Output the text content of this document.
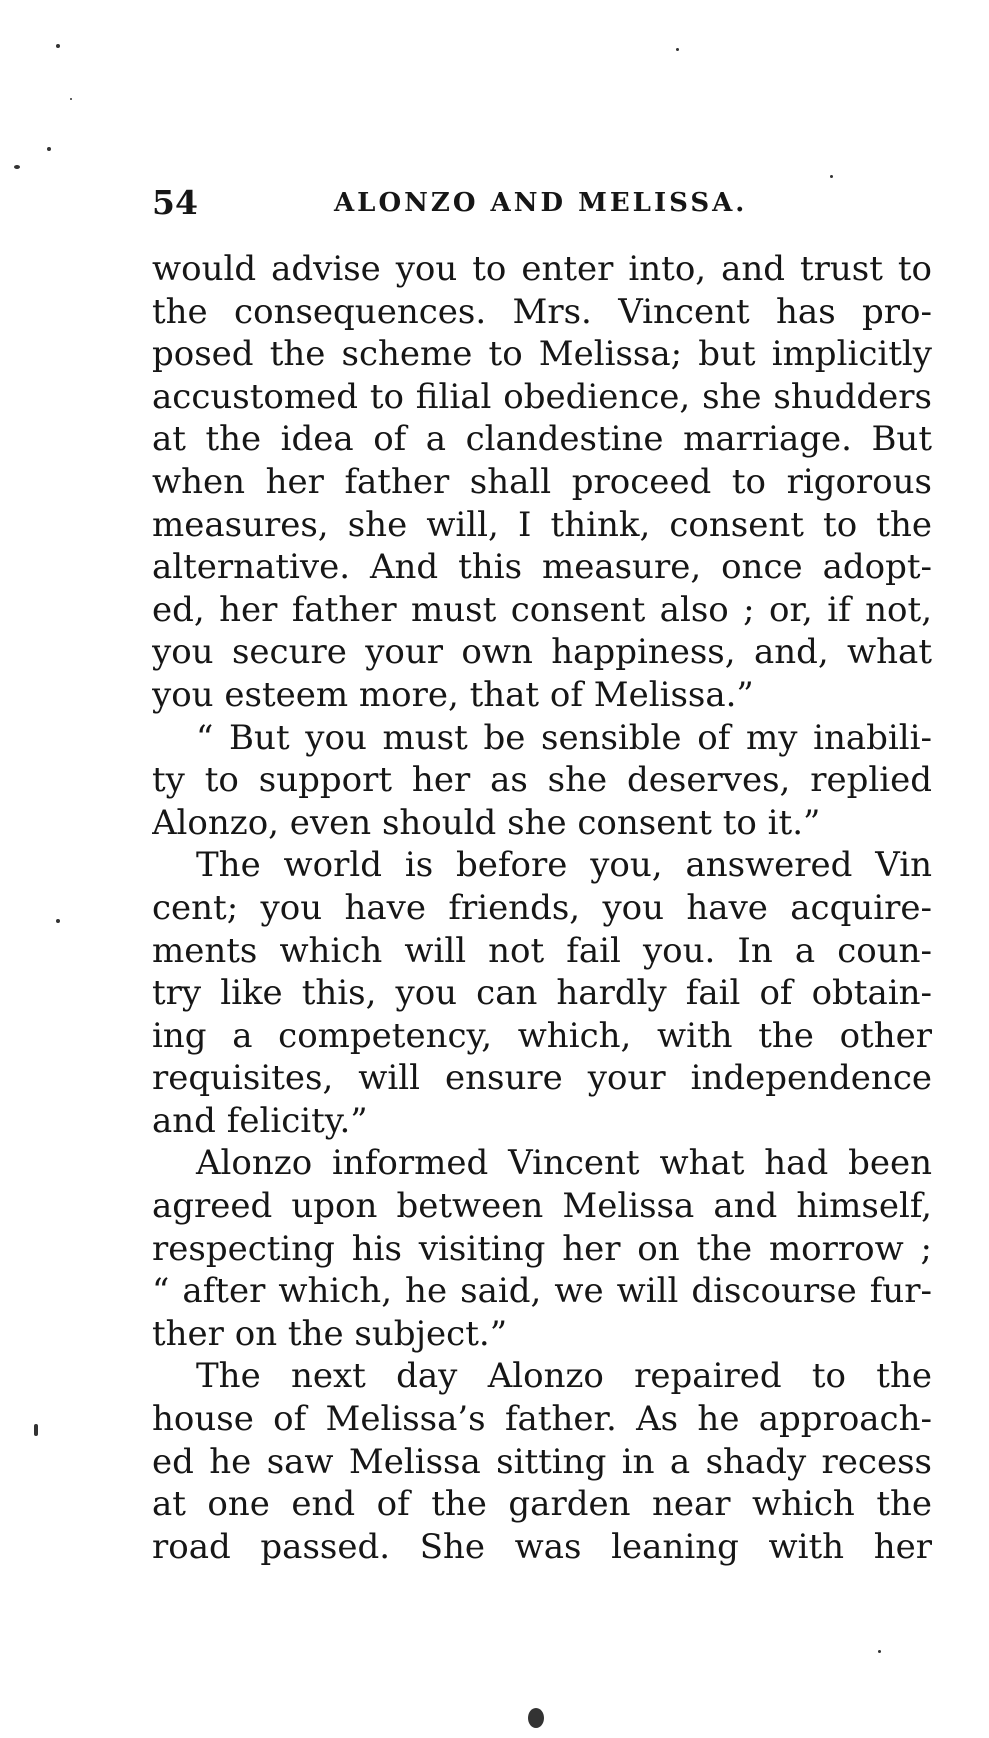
54	ALONZO AND MELISSA.
would advise you to enter into, and trust to
the consequences. Mrs. Vincent has pro-
posed the scheme to Melissa; but implicitly
accustomed to filial obedience, she shudders
at the idea of a clandestine marriage. But
when her father shall proceed to rigorous
measures, she will, I think, consent to the
alternative. And this measure, once adopt-
ed, her father must consent also ; or, if not,
you secure your own happiness, and, what
you esteem more, that of Melissa.”
“ But you must be sensible of my inabili-
ty to support her as she deserves, replied
Alonzo, even should she consent to it.”
The world is before you, answered Vin
cent; you have friends, you have acquire-
ments which will not fail you. In a coun-
try like this, you can hardly fail of obtain-
ing a competency, which, with the other
requisites, will ensure your independence
and felicity.”
Alonzo informed Vincent what had been
agreed upon between Melissa and himself,
respecting his visiting her on the morrow ;
“ after which, he said, we will discourse fur-
ther on the subject.”
The next day Alonzo repaired to the
house of Melissa’s father. As he approach-
ed he saw Melissa sitting in a shady recess
at one end of the garden near which the
road passed. She was leaning with her
